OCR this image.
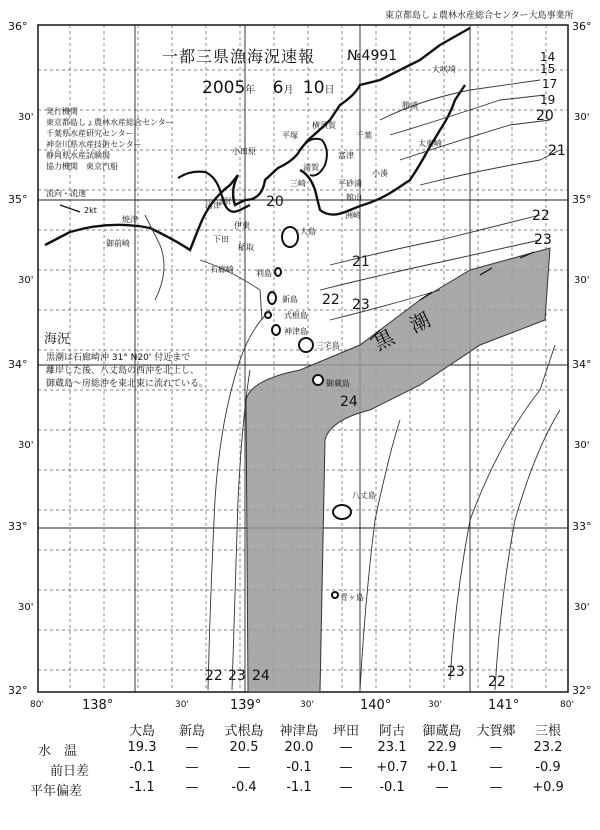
東京都島しょ農林水産総合センター大島事業所
一都三県漁海況速報 №4991
2005年 6月 10日
発行機関
東京都島しょ農林水産総合センター
千葉県水産研究センター
神奈川県水産技術センター
静岡県水産試験場
協力機関　 東京汽船
流向・流速
2kt
海況
黒潮は石廊崎沖 31° N20' 付近まで
離岸した後、八丈島の西沖を北上し、
御蔵島～房総沖を東北東に流れている。
黒　潮
36°
30'
35°
30'
34°
30'
33°
30'
32°
36°
30'
35°
30'
34°
30'
33°
30'
32°
80'	138°	30'	139°	30'	140°	30'	141°	80'
14
15
17
19
20
21
22
23
20
21
22 23
24
22 23 24	23
22
大吠埼
勝浦
太東崎
小湊
平砂浦
館山
洲崎
千葉
富津
浦賀
横須賀
三崎
平塚
小田原
網代
伊東
稲取
下田
石廊崎
沼津
焼津
御前崎
大島
利島
新島
式根島
神津島
三宅島
御蔵島
八丈島
青ヶ島
大島	新島	式根島	神津島	坪田	阿古	御蔵島	大賀郷	三根
水　温	19.3	—	20.5	20.0	—	23.1	22.9	—	23.2
前日差	-0.1	—	—	-0.1	—	+0.7	+0.1	—	-0.9
平年偏差	-1.1	—	-0.4	-1.1	—	-0.1	—	—	+0.9
